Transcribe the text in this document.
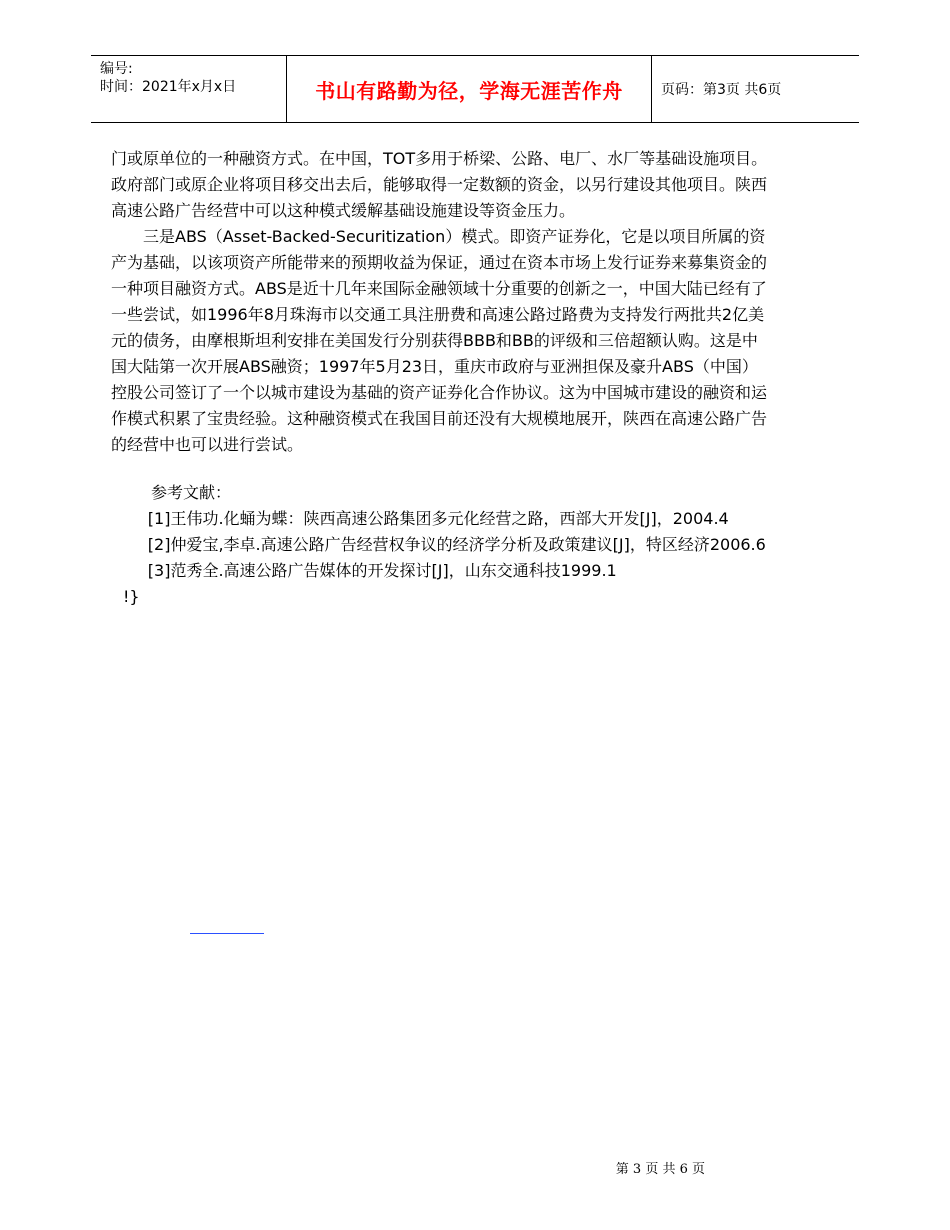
编号:
时间：2021年x月x日	书山有路勤为径，学海无涯苦作舟	页码：第3页 共6页

门或原单位的一种融资方式。在中国，TOT多用于桥梁、公路、电厂、水厂等基础设施项目。政府部门或原企业将项目移交出去后，能够取得一定数额的资金，以另行建设其他项目。陕西高速公路广告经营中可以这种模式缓解基础设施建设等资金压力。

三是ABS（Asset-Backed-Securitization）模式。即资产证券化，它是以项目所属的资产为基础，以该项资产所能带来的预期收益为保证，通过在资本市场上发行证券来募集资金的一种项目融资方式。ABS是近十几年来国际金融领域十分重要的创新之一，中国大陆已经有了一些尝试，如1996年8月珠海市以交通工具注册费和高速公路过路费为支持发行两批共2亿美元的债务，由摩根斯坦利安排在美国发行分别获得BBB和BB的评级和三倍超额认购。这是中国大陆第一次开展ABS融资；1997年5月23日，重庆市政府与亚洲担保及豪升ABS（中国）控股公司签订了一个以城市建设为基础的资产证券化合作协议。这为中国城市建设的融资和运作模式积累了宝贵经验。这种融资模式在我国目前还没有大规模地展开，陕西在高速公路广告的经营中也可以进行尝试。

参考文献：

[1]王伟功.化蛹为蝶：陕西高速公路集团多元化经营之路，西部大开发[J]，2004.4

[2]仲爱宝,李卓.高速公路广告经营权争议的经济学分析及政策建议[J]，特区经济2006.6

[3]范秀全.高速公路广告媒体的开发探讨[J]，山东交通科技1999.1

!}

第 3 页 共 6 页
